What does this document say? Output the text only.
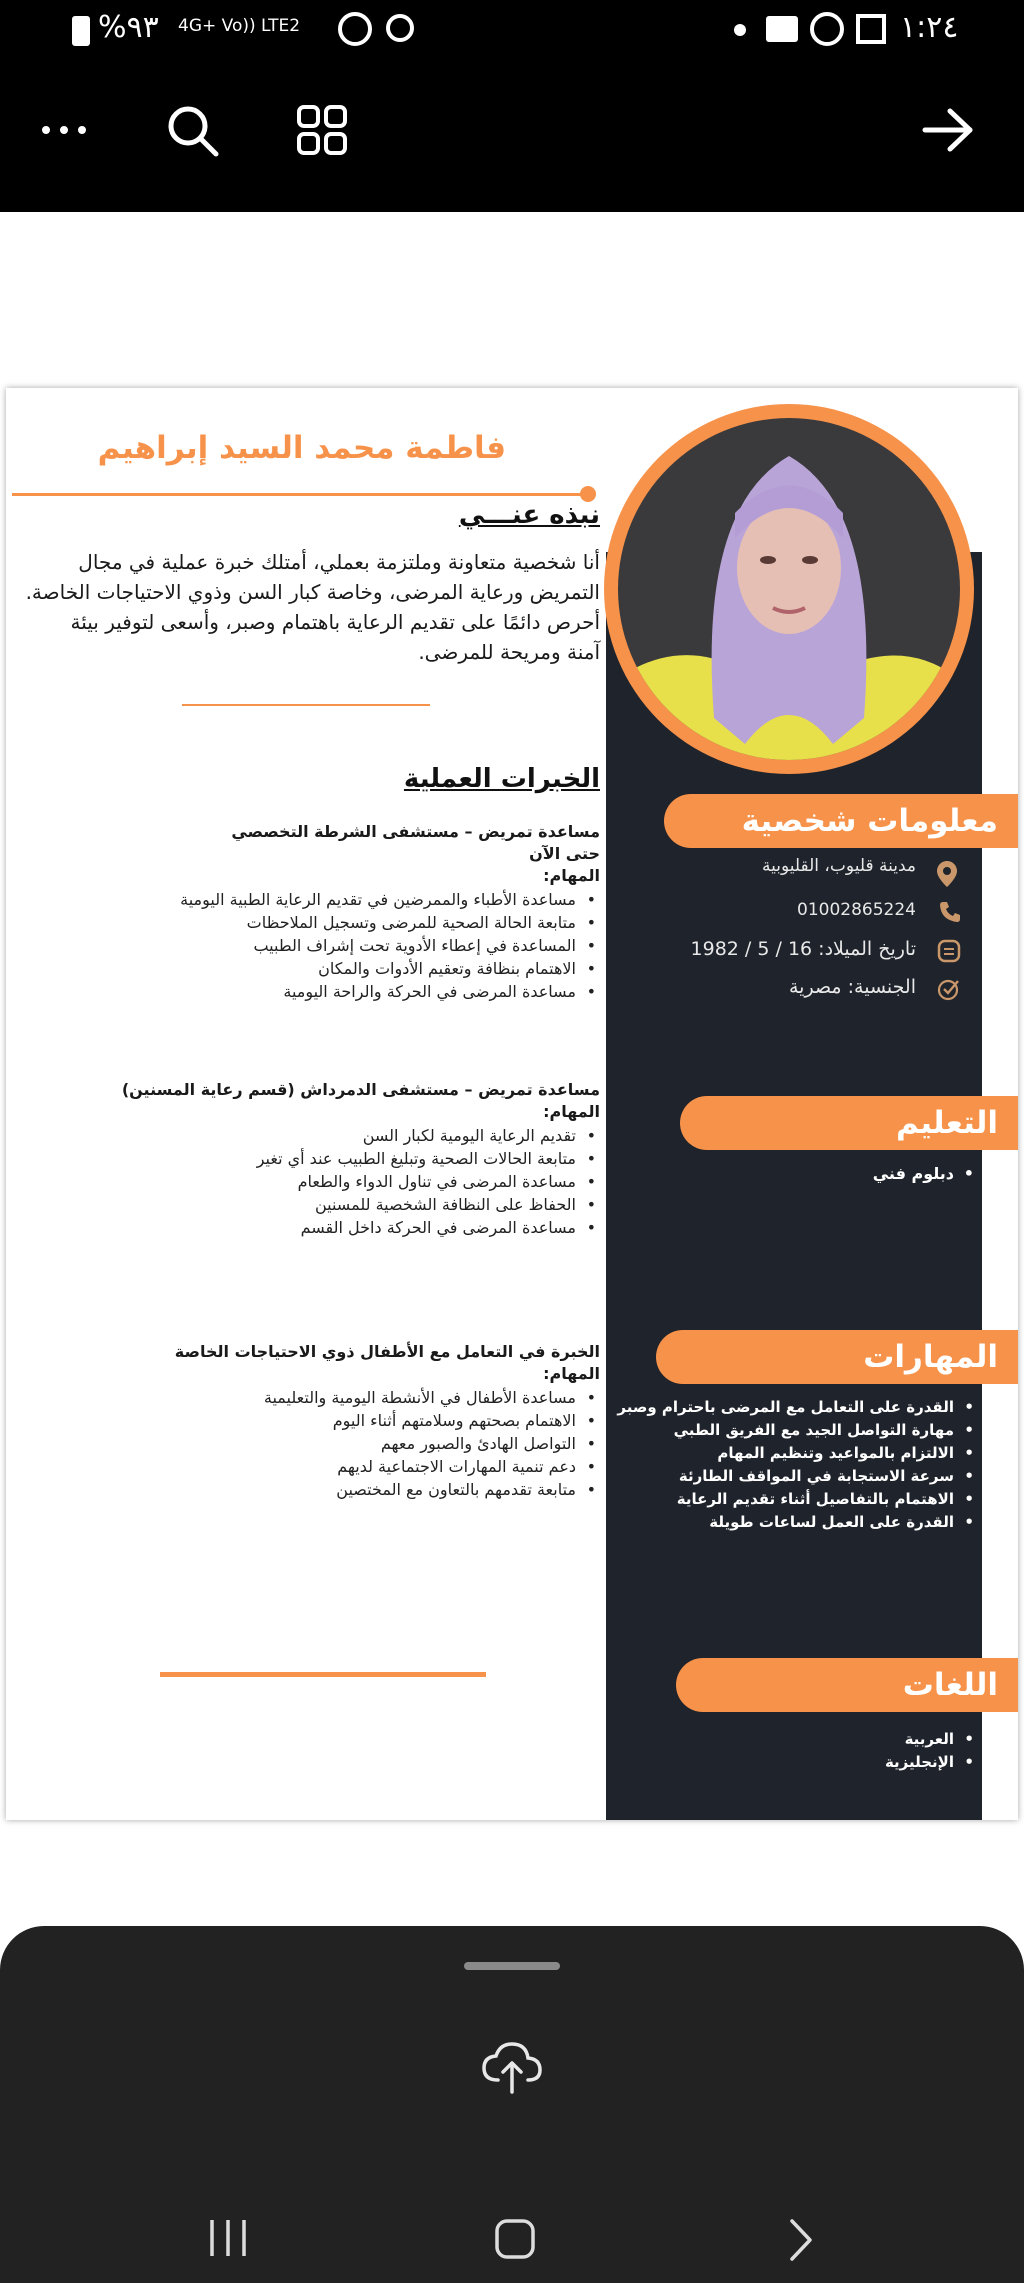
%٩٣ 4G+ Vo)) LTE2	١:٢٤
فاطمة محمد السيد إبراهيم
نبذه عنـــي
أنا شخصية متعاونة وملتزمة بعملي، أمتلك خبرة عملية في مجال
التمريض ورعاية المرضى، وخاصة كبار السن وذوي الاحتياجات الخاصة.
أحرص دائمًا على تقديم الرعاية باهتمام وصبر، وأسعى لتوفير بيئة
آمنة ومريحة للمرضى.
الخبرات العملية
مساعدة تمريض – مستشفى الشرطة التخصصي
حتى الآن
المهام:
• مساعدة الأطباء والممرضين في تقديم الرعاية الطبية اليومية
• متابعة الحالة الصحية للمرضى وتسجيل الملاحظات
• المساعدة في إعطاء الأدوية تحت إشراف الطبيب
• الاهتمام بنظافة وتعقيم الأدوات والمكان
• مساعدة المرضى في الحركة والراحة اليومية
مساعدة تمريض – مستشفى الدمرداش (قسم رعاية المسنين)
المهام:
• تقديم الرعاية اليومية لكبار السن
• متابعة الحالات الصحية وتبليغ الطبيب عند أي تغير
• مساعدة المرضى في تناول الدواء والطعام
• الحفاظ على النظافة الشخصية للمسنين
• مساعدة المرضى في الحركة داخل القسم
الخبرة في التعامل مع الأطفال ذوي الاحتياجات الخاصة
المهام:
• مساعدة الأطفال في الأنشطة اليومية والتعليمية
• الاهتمام بصحتهم وسلامتهم أثناء اليوم
• التواصل الهادئ والصبور معهم
• دعم تنمية المهارات الاجتماعية لديهم
• متابعة تقدمهم بالتعاون مع المختصين
معلومات شخصية
مدينة قليوب، القليوبية
01002865224
تاريخ الميلاد: 16 / 5 / 1982
الجنسية: مصرية
التعليم
• دبلوم فني
المهارات
• القدرة على التعامل مع المرضى باحترام وصبر
• مهارة التواصل الجيد مع الفريق الطبي
• الالتزام بالمواعيد وتنظيم المهام
• سرعة الاستجابة في المواقف الطارئة
• الاهتمام بالتفاصيل أثناء تقديم الرعاية
• القدرة على العمل لساعات طويلة
اللغات
• العربية
• الإنجليزية
